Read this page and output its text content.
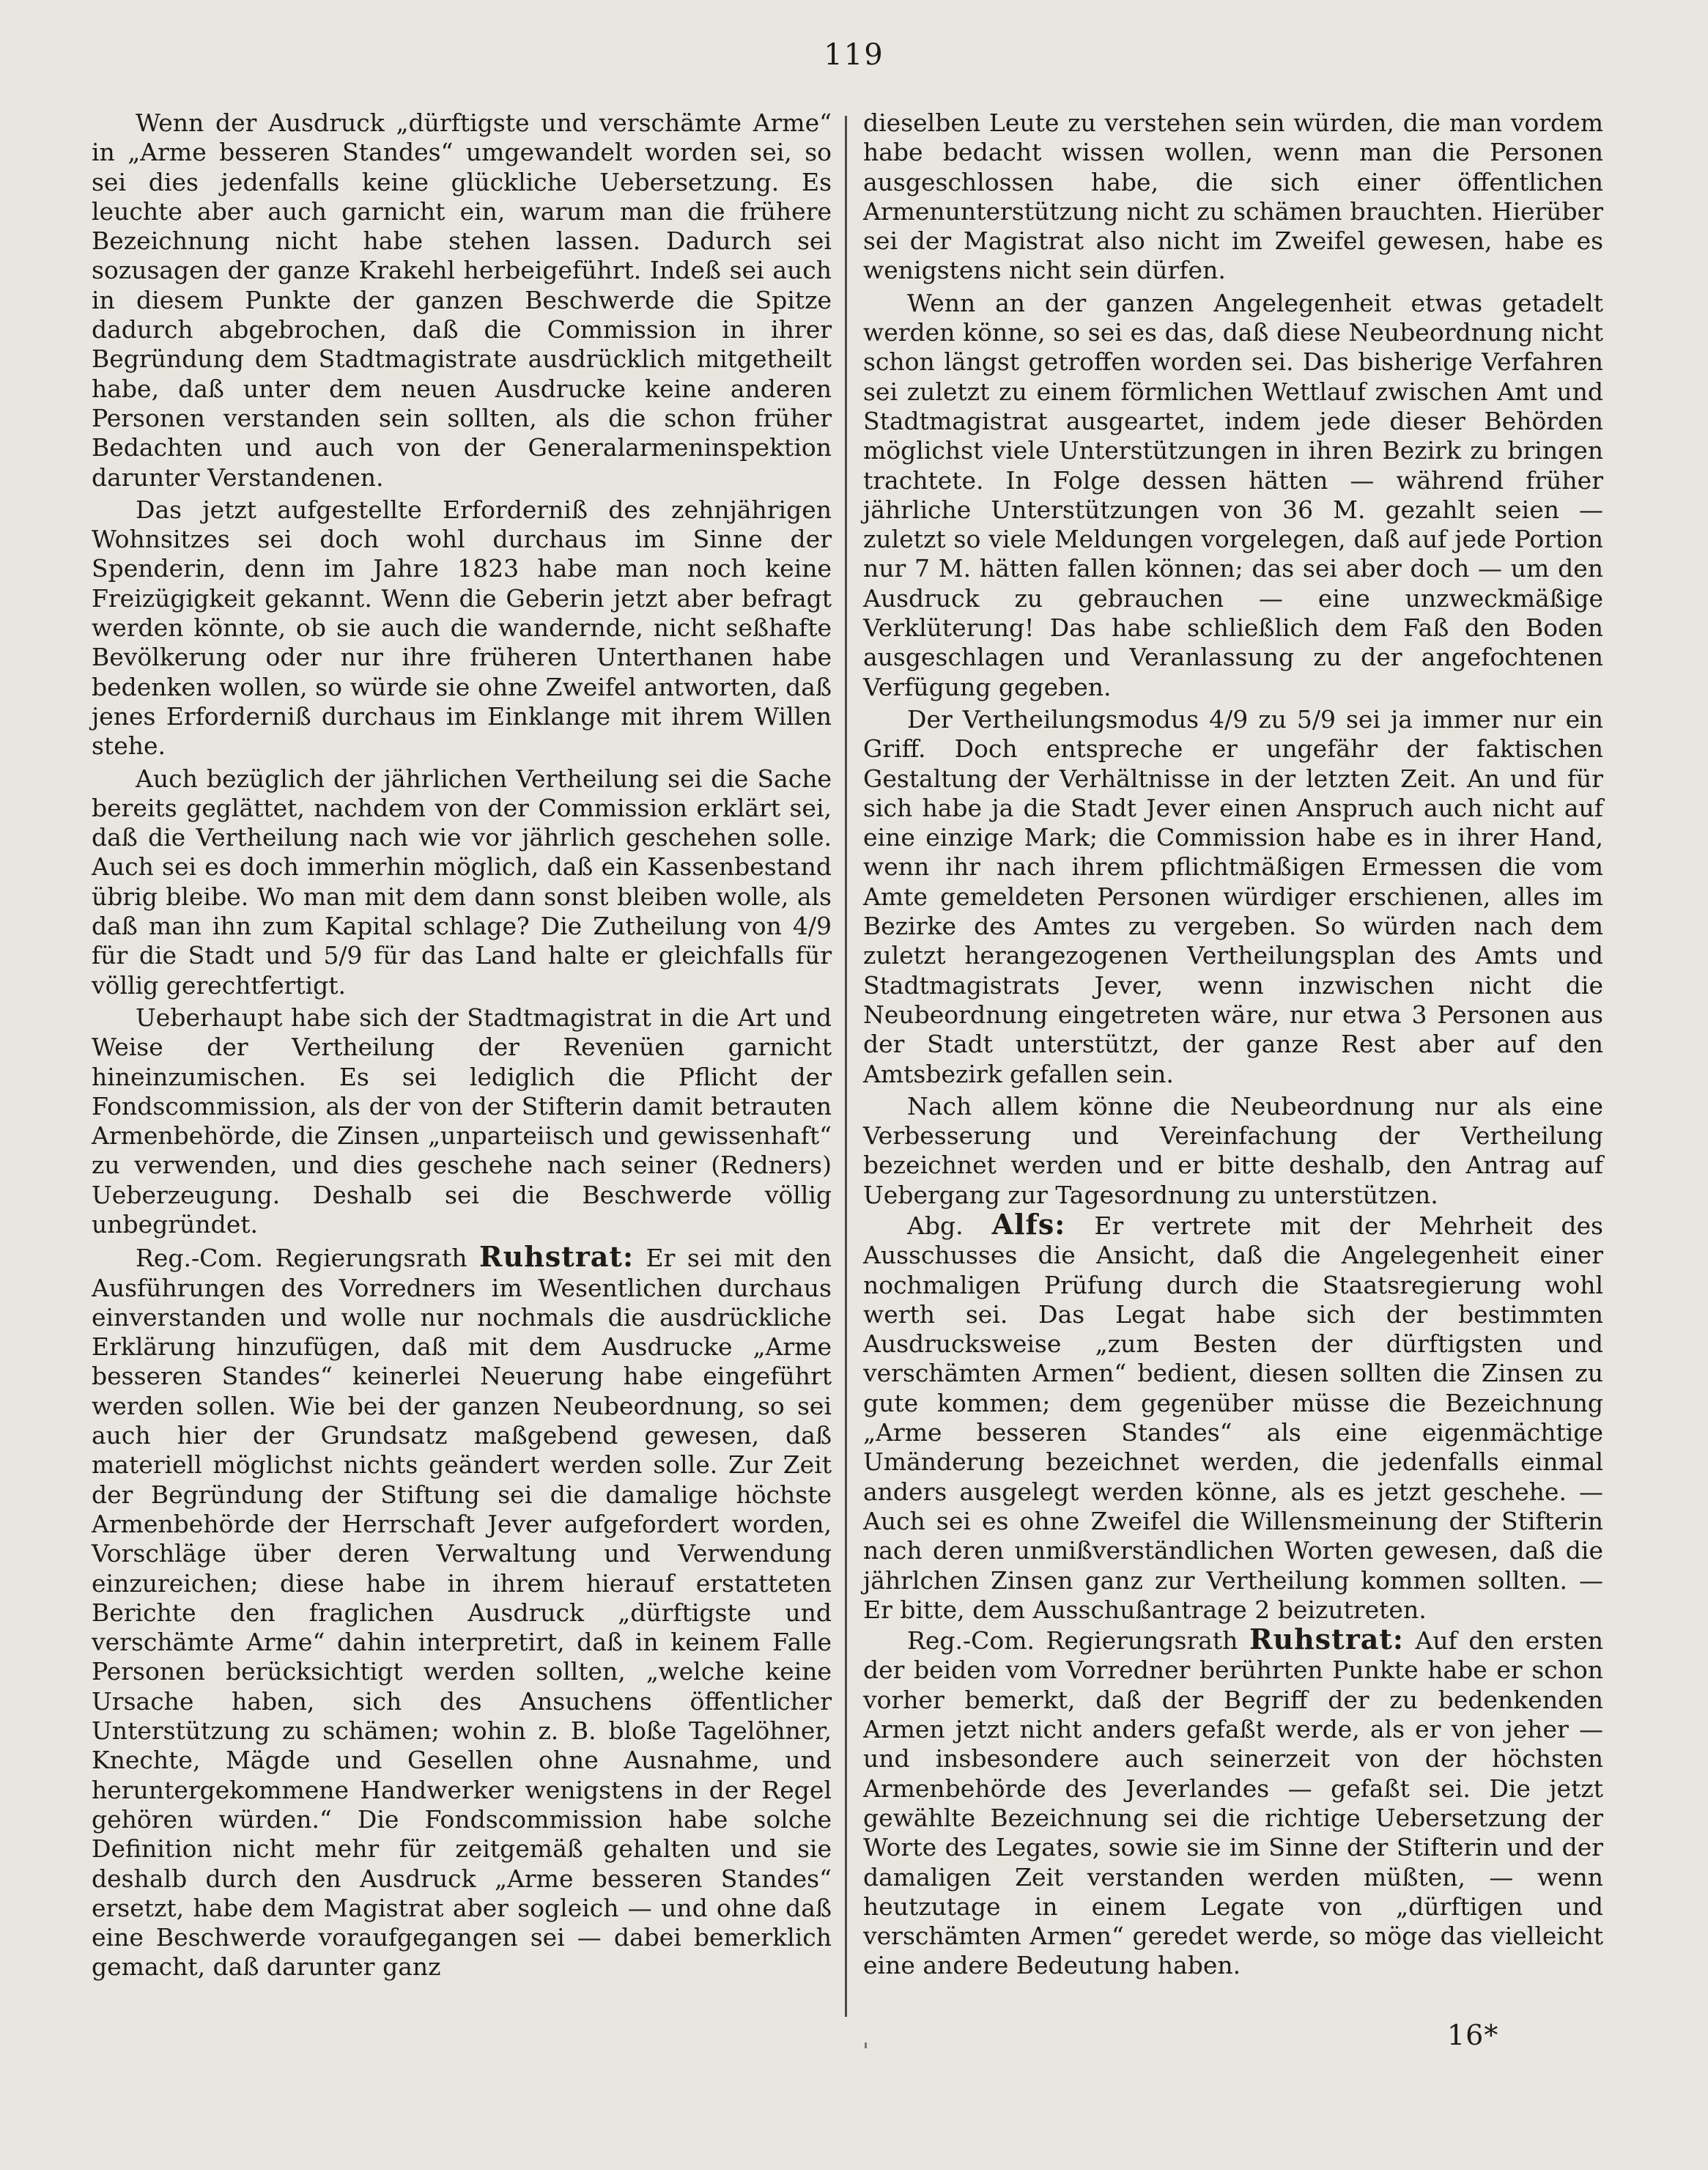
119

Wenn der Ausdruck „dürftigste und verschämte Arme“ in „Arme besseren Standes“ umgewandelt worden sei, so sei dies jedenfalls keine glückliche Uebersetzung. Es leuchte aber auch garnicht ein, warum man die frühere Bezeichnung nicht habe stehen lassen. Dadurch sei sozusagen der ganze Krakehl herbeigeführt. Indeß sei auch in diesem Punkte der ganzen Beschwerde die Spitze dadurch abgebrochen, daß die Commission in ihrer Begründung dem Stadtmagistrate ausdrücklich mitgetheilt habe, daß unter dem neuen Ausdrucke keine anderen Personen verstanden sein sollten, als die schon früher Bedachten und auch von der Generalarmeninspektion darunter Verstandenen.

Das jetzt aufgestellte Erforderniß des zehnjährigen Wohnsitzes sei doch wohl durchaus im Sinne der Spenderin, denn im Jahre 1823 habe man noch keine Freizügigkeit gekannt. Wenn die Geberin jetzt aber befragt werden könnte, ob sie auch die wandernde, nicht seßhafte Bevölkerung oder nur ihre früheren Unterthanen habe bedenken wollen, so würde sie ohne Zweifel antworten, daß jenes Erforderniß durchaus im Einklange mit ihrem Willen stehe.

Auch bezüglich der jährlichen Vertheilung sei die Sache bereits geglättet, nachdem von der Commission erklärt sei, daß die Vertheilung nach wie vor jährlich geschehen solle. Auch sei es doch immerhin möglich, daß ein Kassenbestand übrig bleibe. Wo man mit dem dann sonst bleiben wolle, als daß man ihn zum Kapital schlage? Die Zutheilung von 4/9 für die Stadt und 5/9 für das Land halte er gleichfalls für völlig gerechtfertigt.

Ueberhaupt habe sich der Stadtmagistrat in die Art und Weise der Vertheilung der Revenüen garnicht hineinzumischen. Es sei lediglich die Pflicht der Fondscommission, als der von der Stifterin damit betrauten Armenbehörde, die Zinsen „unparteiisch und gewissenhaft“ zu verwenden, und dies geschehe nach seiner (Redners) Ueberzeugung. Deshalb sei die Beschwerde völlig unbegründet.

Reg.-Com. Regierungsrath Ruhstrat: Er sei mit den Ausführungen des Vorredners im Wesentlichen durchaus einverstanden und wolle nur nochmals die ausdrückliche Erklärung hinzufügen, daß mit dem Ausdrucke „Arme besseren Standes“ keinerlei Neuerung habe eingeführt werden sollen. Wie bei der ganzen Neubeordnung, so sei auch hier der Grundsatz maßgebend gewesen, daß materiell möglichst nichts geändert werden solle. Zur Zeit der Begründung der Stiftung sei die damalige höchste Armenbehörde der Herrschaft Jever aufgefordert worden, Vorschläge über deren Verwaltung und Verwendung einzureichen; diese habe in ihrem hierauf erstatteten Berichte den fraglichen Ausdruck „dürftigste und verschämte Arme“ dahin interpretirt, daß in keinem Falle Personen berücksichtigt werden sollten, „welche keine Ursache haben, sich des Ansuchens öffentlicher Unterstützung zu schämen; wohin z. B. bloße Tagelöhner, Knechte, Mägde und Gesellen ohne Ausnahme, und heruntergekommene Handwerker wenigstens in der Regel gehören würden.“ Die Fondscommission habe solche Definition nicht mehr für zeitgemäß gehalten und sie deshalb durch den Ausdruck „Arme besseren Standes“ ersetzt, habe dem Magistrat aber sogleich — und ohne daß eine Beschwerde voraufgegangen sei — dabei bemerklich gemacht, daß darunter ganz

dieselben Leute zu verstehen sein würden, die man vordem habe bedacht wissen wollen, wenn man die Personen ausgeschlossen habe, die sich einer öffentlichen Armenunterstützung nicht zu schämen brauchten. Hierüber sei der Magistrat also nicht im Zweifel gewesen, habe es wenigstens nicht sein dürfen.

Wenn an der ganzen Angelegenheit etwas getadelt werden könne, so sei es das, daß diese Neubeordnung nicht schon längst getroffen worden sei. Das bisherige Verfahren sei zuletzt zu einem förmlichen Wettlauf zwischen Amt und Stadtmagistrat ausgeartet, indem jede dieser Behörden möglichst viele Unterstützungen in ihren Bezirk zu bringen trachtete. In Folge dessen hätten — während früher jährliche Unterstützungen von 36 M. gezahlt seien — zuletzt so viele Meldungen vorgelegen, daß auf jede Portion nur 7 M. hätten fallen können; das sei aber doch — um den Ausdruck zu gebrauchen — eine unzweckmäßige Verklüterung! Das habe schließlich dem Faß den Boden ausgeschlagen und Veranlassung zu der angefochtenen Verfügung gegeben.

Der Vertheilungsmodus 4/9 zu 5/9 sei ja immer nur ein Griff. Doch entspreche er ungefähr der faktischen Gestaltung der Verhältnisse in der letzten Zeit. An und für sich habe ja die Stadt Jever einen Anspruch auch nicht auf eine einzige Mark; die Commission habe es in ihrer Hand, wenn ihr nach ihrem pflichtmäßigen Ermessen die vom Amte gemeldeten Personen würdiger erschienen, alles im Bezirke des Amtes zu vergeben. So würden nach dem zuletzt herangezogenen Vertheilungsplan des Amts und Stadtmagistrats Jever, wenn inzwischen nicht die Neubeordnung eingetreten wäre, nur etwa 3 Personen aus der Stadt unterstützt, der ganze Rest aber auf den Amtsbezirk gefallen sein.

Nach allem könne die Neubeordnung nur als eine Verbesserung und Vereinfachung der Vertheilung bezeichnet werden und er bitte deshalb, den Antrag auf Uebergang zur Tagesordnung zu unterstützen.

Abg. Alfs: Er vertrete mit der Mehrheit des Ausschusses die Ansicht, daß die Angelegenheit einer nochmaligen Prüfung durch die Staatsregierung wohl werth sei. Das Legat habe sich der bestimmten Ausdrucksweise „zum Besten der dürftigsten und verschämten Armen“ bedient, diesen sollten die Zinsen zu gute kommen; dem gegenüber müsse die Bezeichnung „Arme besseren Standes“ als eine eigenmächtige Umänderung bezeichnet werden, die jedenfalls einmal anders ausgelegt werden könne, als es jetzt geschehe. — Auch sei es ohne Zweifel die Willensmeinung der Stifterin nach deren unmißverständlichen Worten gewesen, daß die jährlchen Zinsen ganz zur Vertheilung kommen sollten. — Er bitte, dem Ausschußantrage 2 beizutreten.

Reg.-Com. Regierungsrath Ruhstrat: Auf den ersten der beiden vom Vorredner berührten Punkte habe er schon vorher bemerkt, daß der Begriff der zu bedenkenden Armen jetzt nicht anders gefaßt werde, als er von jeher — und insbesondere auch seinerzeit von der höchsten Armenbehörde des Jeverlandes — gefaßt sei. Die jetzt gewählte Bezeichnung sei die richtige Uebersetzung der Worte des Legates, sowie sie im Sinne der Stifterin und der damaligen Zeit verstanden werden müßten, — wenn heutzutage in einem Legate von „dürftigen und verschämten Armen“ geredet werde, so möge das vielleicht eine andere Bedeutung haben.

16*
